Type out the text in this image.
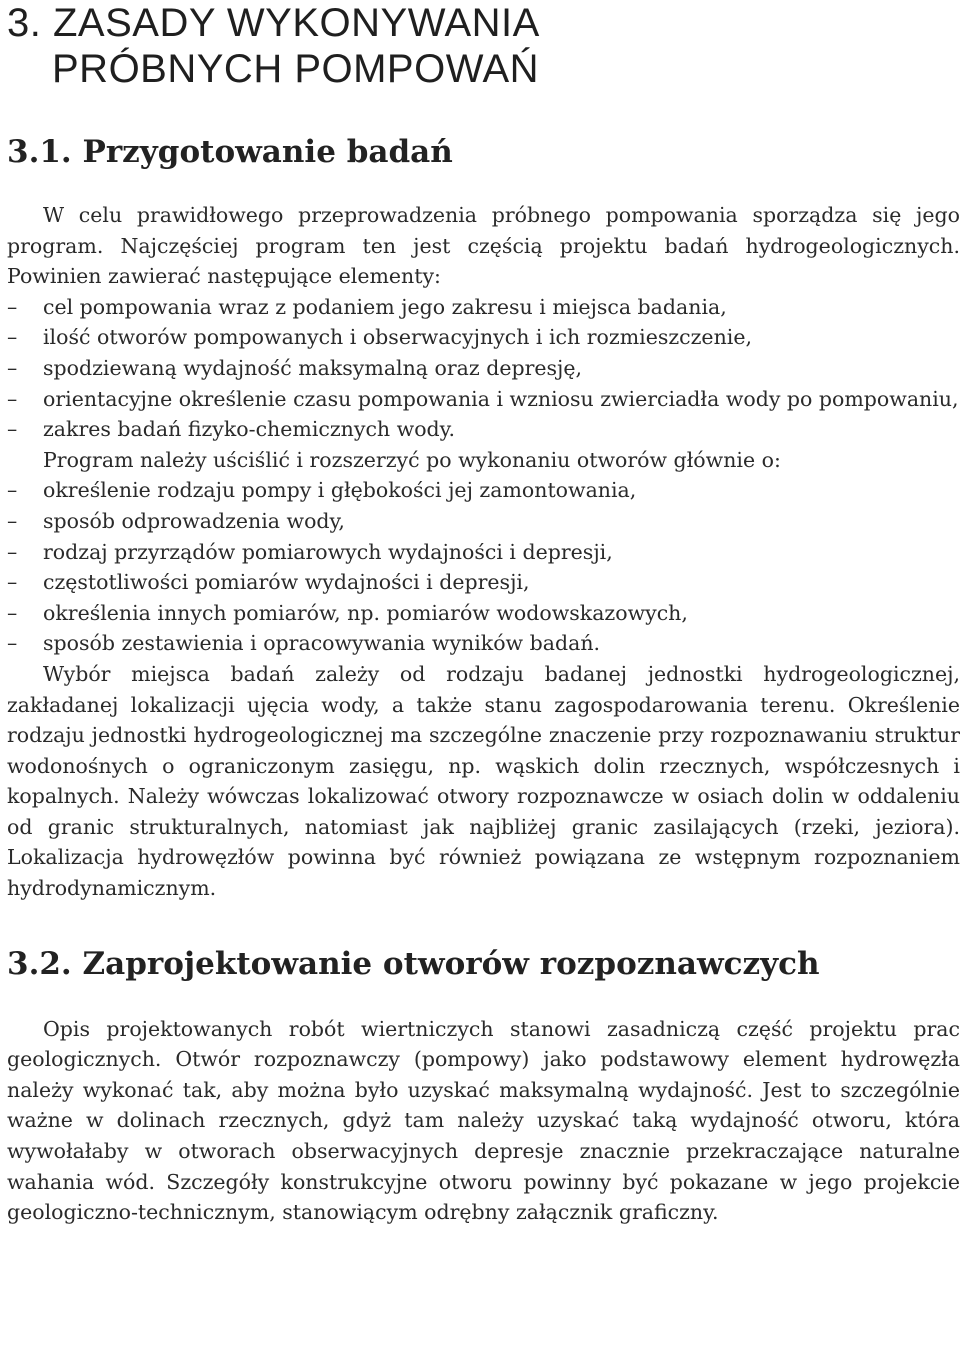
3. ZASADY WYKONYWANIA
PRÓBNYCH POMPOWAŃ
3.1. Przygotowanie badań

W celu prawidłowego przeprowadzenia próbnego pompowania sporządza się jego program. Najczęściej program ten jest częścią projektu badań hydrogeologicznych. Powinien zawierać następujące elementy:

– cel pompowania wraz z podaniem jego zakresu i miejsca badania,
– ilość otworów pompowanych i obserwacyjnych i ich rozmieszczenie,
– spodziewaną wydajność maksymalną oraz depresję,
– orientacyjne określenie czasu pompowania i wzniosu zwierciadła wody po pompowaniu,
– zakres badań fizyko-chemicznych wody.

Program należy uściślić i rozszerzyć po wykonaniu otworów głównie o:

– określenie rodzaju pompy i głębokości jej zamontowania,
– sposób odprowadzenia wody,
– rodzaj przyrządów pomiarowych wydajności i depresji,
– częstotliwości pomiarów wydajności i depresji,
– określenia innych pomiarów, np. pomiarów wodowskazowych,
– sposób zestawienia i opracowywania wyników badań.

Wybór miejsca badań zależy od rodzaju badanej jednostki hydrogeologicznej, zakładanej lokalizacji ujęcia wody, a także stanu zagospodarowania terenu. Określenie rodzaju jednostki hydrogeologicznej ma szczególne znaczenie przy rozpoznawaniu struktur wodonośnych o ograniczonym zasięgu, np. wąskich dolin rzecznych, współczesnych i kopalnych. Należy wówczas lokalizować otwory rozpoznawcze w osiach dolin w oddaleniu od granic strukturalnych, natomiast jak najbliżej granic zasilających (rzeki, jeziora). Lokalizacja hydrowęzłów powinna być również powiązana ze wstępnym rozpoznaniem hydrodynamicznym.

3.2. Zaprojektowanie otworów rozpoznawczych

Opis projektowanych robót wiertniczych stanowi zasadniczą część projektu prac geologicznych. Otwór rozpoznawczy (pompowy) jako podstawowy element hydrowęzła należy wykonać tak, aby można było uzyskać maksymalną wydajność. Jest to szczególnie ważne w dolinach rzecznych, gdyż tam należy uzyskać taką wydajność otworu, która wywołałaby w otworach obserwacyjnych depresje znacznie przekraczające naturalne wahania wód. Szczegóły konstrukcyjne otworu powinny być pokazane w jego projekcie geologiczno-technicznym, stanowiącym odrębny załącznik graficzny.
